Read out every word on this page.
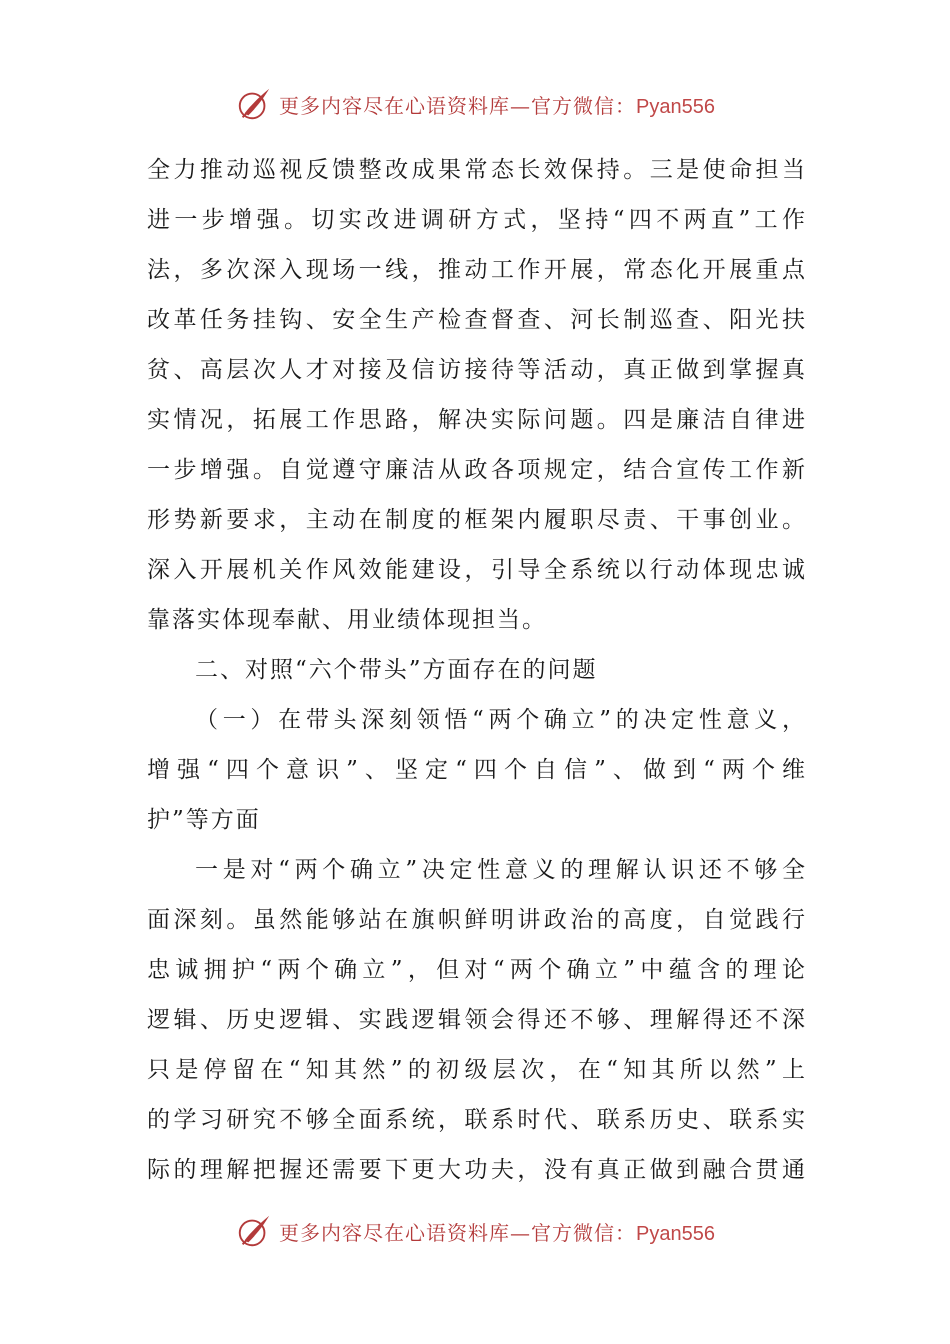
更多内容尽在心语资料库—官方微信：Pyan556
全力推动巡视反馈整改成果常态长效保持。三是使命担当
进一步增强。切实改进调研方式，坚持“四不两直”工作
法，多次深入现场一线，推动工作开展，常态化开展重点
改革任务挂钩、安全生产检查督查、河长制巡查、阳光扶
贫、高层次人才对接及信访接待等活动，真正做到掌握真
实情况，拓展工作思路，解决实际问题。四是廉洁自律进
一步增强。自觉遵守廉洁从政各项规定，结合宣传工作新
形势新要求，主动在制度的框架内履职尽责、干事创业。
深入开展机关作风效能建设，引导全系统以行动体现忠诚
靠落实体现奉献、用业绩体现担当。
二、对照“六个带头”方面存在的问题
（一）在带头深刻领悟“两个确立”的决定性意义，
增强“四个意识”、坚定“四个自信”、做到“两个维
护”等方面
一是对“两个确立”决定性意义的理解认识还不够全
面深刻。虽然能够站在旗帜鲜明讲政治的高度，自觉践行
忠诚拥护“两个确立”，但对“两个确立”中蕴含的理论
逻辑、历史逻辑、实践逻辑领会得还不够、理解得还不深
只是停留在“知其然”的初级层次，在“知其所以然”上
的学习研究不够全面系统，联系时代、联系历史、联系实
际的理解把握还需要下更大功夫，没有真正做到融合贯通
更多内容尽在心语资料库—官方微信：Pyan556
